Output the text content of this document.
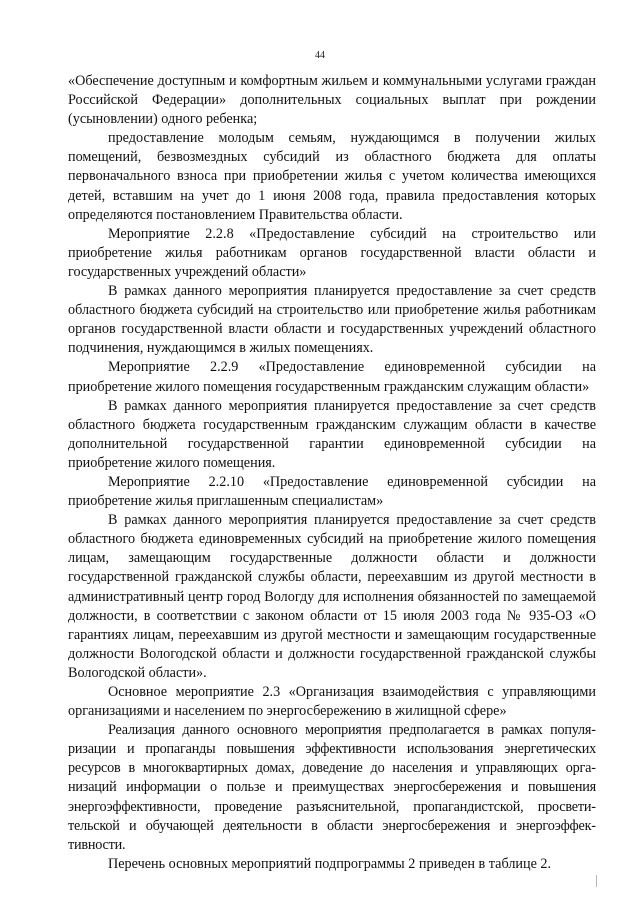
44

«Обеспечение доступным и комфортным жильем и коммунальными услугами граждан Российской Федерации» дополнительных социальных выплат при рождении (усыновлении) одного ребенка;

предоставление молодым семьям, нуждающимся в получении жилых помещений, безвозмездных субсидий из областного бюджета для оплаты первоначального взноса при приобретении жилья с учетом количества имеющихся детей, вставшим на учет до 1 июня 2008 года, правила предоставления которых определяются постановлением Правительства области.

Мероприятие 2.2.8 «Предоставление субсидий на строительство или приобретение жилья работникам органов государственной власти области и государственных учреждений области»

В рамках данного мероприятия планируется предоставление за счет средств областного бюджета субсидий на строительство или приобретение жилья работникам органов государственной власти области и государственных учреждений областного подчинения, нуждающимся в жилых помещениях.

Мероприятие 2.2.9 «Предоставление единовременной субсидии на приобретение жилого помещения государственным гражданским служащим области»

В рамках данного мероприятия планируется предоставление за счет средств областного бюджета государственным гражданским служащим области в качестве дополнительной государственной гарантии единовременной субсидии на приобретение жилого помещения.

Мероприятие 2.2.10 «Предоставление единовременной субсидии на приобретение жилья приглашенным специалистам»

В рамках данного мероприятия планируется предоставление за счет средств областного бюджета единовременных субсидий на приобретение жилого помещения лицам, замещающим государственные должности области и должности государственной гражданской службы области, переехавшим из другой местности в административный центр город Вологду для исполнения обязанностей по замещаемой должности, в соответствии с законом области от 15 июля 2003 года № 935-ОЗ «О гарантиях лицам, переехавшим из другой местности и замещающим государственные должности Вологодской области и должности государственной гражданской службы Вологодской области».

Основное мероприятие 2.3 «Организация взаимодействия с управляющими организациями и населением по энергосбережению в жилищной сфере»

Реализация данного основного мероприятия предполагается в рамках популяризации и пропаганды повышения эффективности использования энергетических ресурсов в многоквартирных домах, доведение до населения и управляющих организаций информации о пользе и преимуществах энергосбережения и повышения энергоэффективности, проведение разъяснительной, пропагандистской, просветительской и обучающей деятельности в области энергосбережения и энергоэффективности.

Перечень основных мероприятий подпрограммы 2 приведен в таблице 2.
